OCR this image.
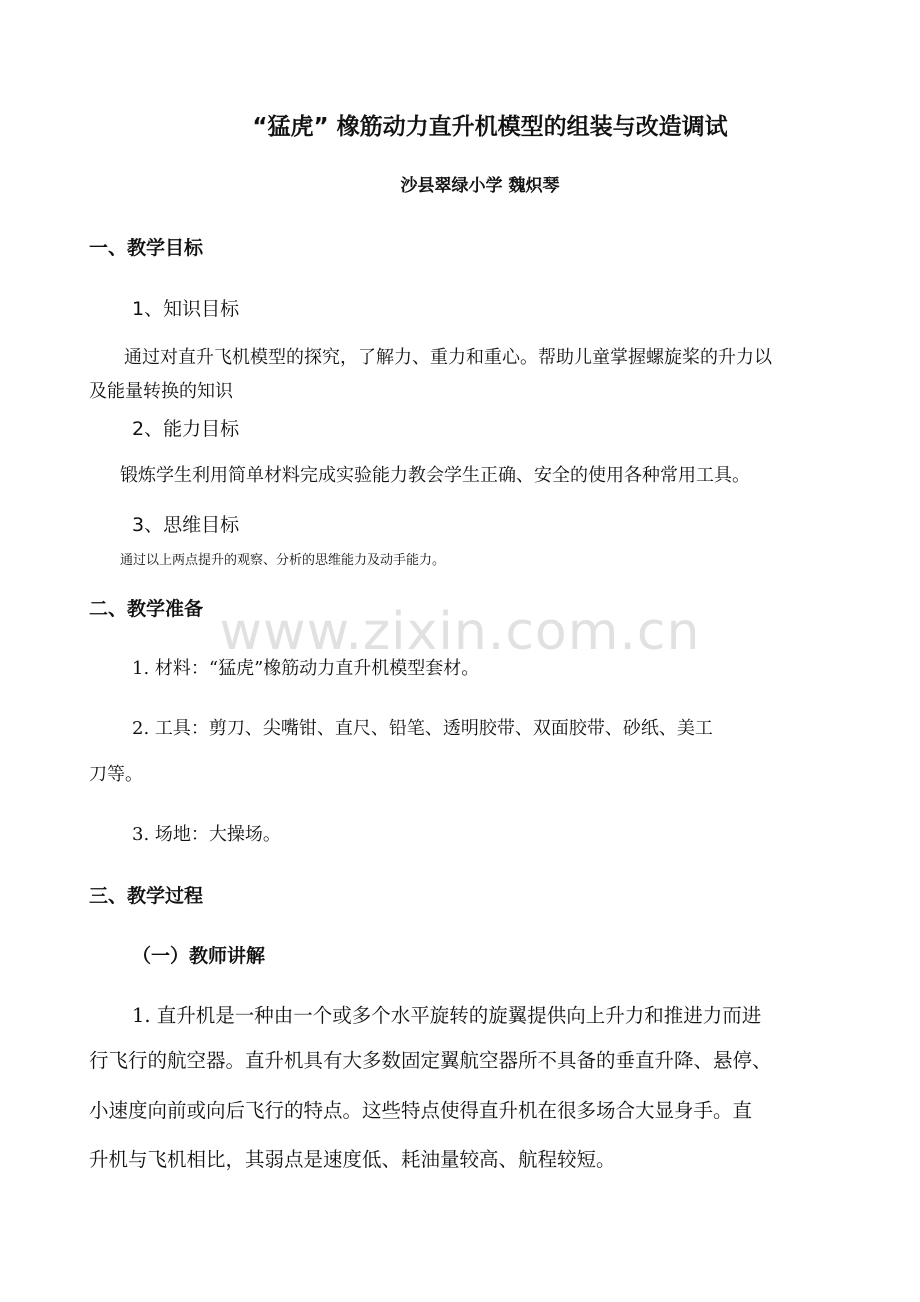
“猛虎” 橡筋动力直升机模型的组装与改造调试
沙县翠绿小学 魏炽琴
一、教学目标
1、知识目标
通过对直升飞机模型的探究，了解力、重力和重心。帮助儿童掌握螺旋桨的升力以
及能量转换的知识
2、能力目标
锻炼学生利用简单材料完成实验能力教会学生正确、安全的使用各种常用工具。
3、思维目标
通过以上两点提升的观察、分析的思维能力及动手能力。
二、教学准备 www.zixin.com.cn
1. 材料：“猛虎”橡筋动力直升机模型套材。
2. 工具：剪刀、尖嘴钳、直尺、铅笔、透明胶带、双面胶带、砂纸、美工
刀等。
3. 场地：大操场。
三、教学过程
（一）教师讲解
1. 直升机是一种由一个或多个水平旋转的旋翼提供向上升力和推进力而进
行飞行的航空器。直升机具有大多数固定翼航空器所不具备的垂直升降、悬停、
小速度向前或向后飞行的特点。这些特点使得直升机在很多场合大显身手。直
升机与飞机相比，其弱点是速度低、耗油量较高、航程较短。
